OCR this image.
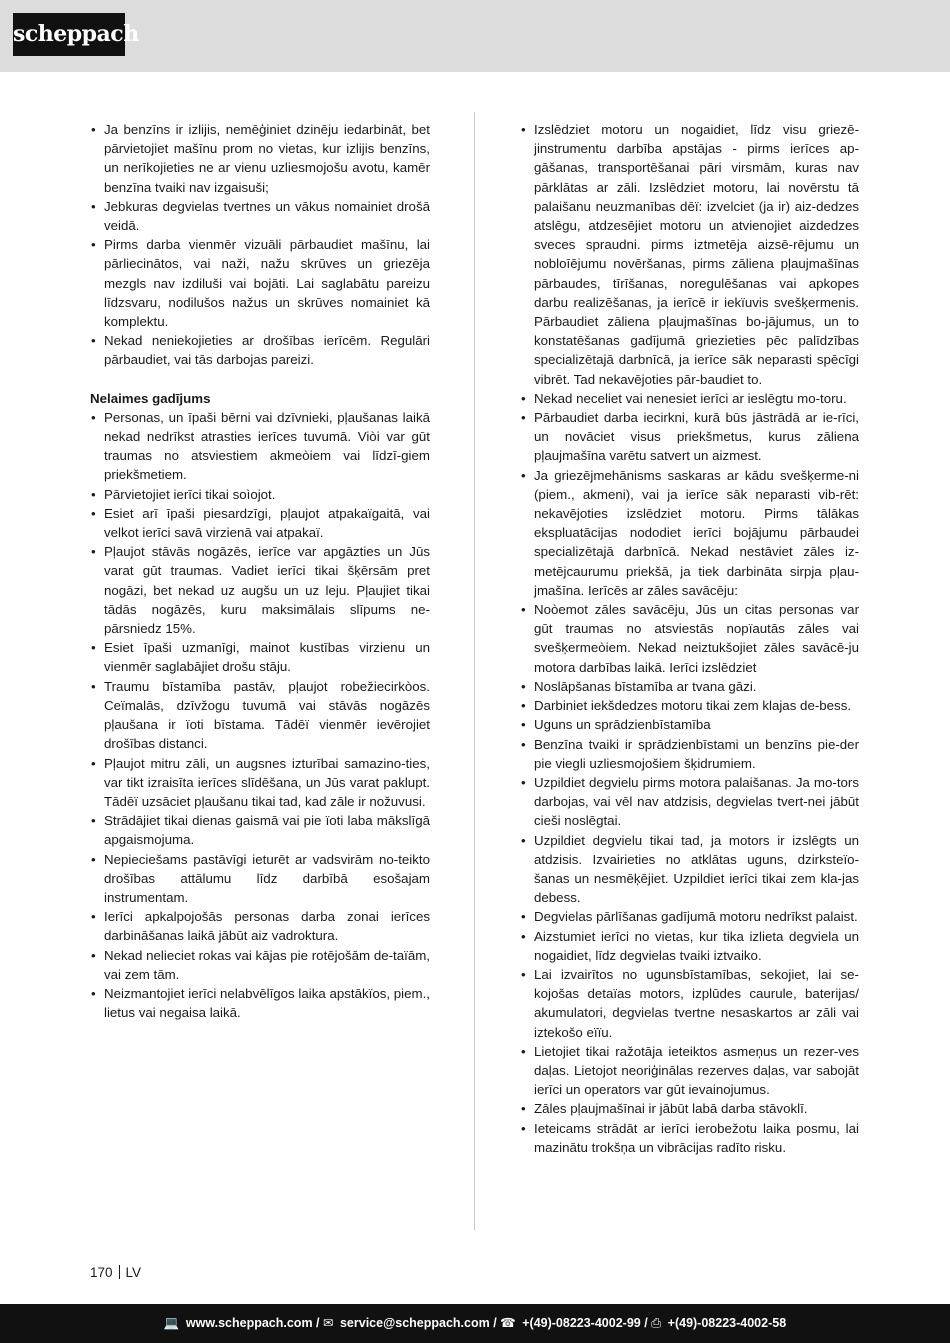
scheppach
• Ja benzīns ir izlijis, nemēģiniet dzinēju iedarbināt, bet pārvietojiet mašīnu prom no vietas, kur izlijis benzīns, un nerīkojieties ne ar vienu uzliesmojošu avotu, kamēr benzīna tvaiki nav izgaisuši;
• Jebkuras degvielas tvertnes un vākus nomainiet drošā veidā.
• Pirms darba vienmēr vizuāli pārbaudiet mašīnu, lai pārliecinātos, vai naži, nažu skrūves un griezēja mezgls nav izdiluši vai bojāti. Lai saglabātu pareizu līdzsvaru, nodilušos nažus un skrūves nomainiet kā komplektu.
• Nekad neniekojieties ar drošības ierīcēm. Regulāri pārbaudiet, vai tās darbojas pareizi.
Nelaimes gadījums
• Personas, un īpaši bērni vai dzīvnieki, pļaušanas laikā nekad nedrīkst atrasties ierīces tuvumā. Viòi var gūt traumas no atsviestiem akmeòiem vai līdzī-giem priekšmetiem.
• Pārvietojiet ierīci tikai soìojot.
• Esiet arī īpaši piesardzīgi, pļaujot atpakaïgaitā, vai velkot ierīci savā virzienā vai atpakaï.
• Pļaujot stāvās nogāzēs, ierīce var apgāzties un Jūs varat gūt traumas. Vadiet ierīci tikai šķērsām pret nogāzi, bet nekad uz augšu un uz leju. Pļaujiet tikai tādās nogāzēs, kuru maksimālais slīpums ne-pārsniedz 15%.
• Esiet īpaši uzmanīgi, mainot kustības virzienu un vienmēr saglabājiet drošu stāju.
• Traumu bīstamība pastāv, pļaujot robežiecirkòos. Ceïmalās, dzīvžogu tuvumā vai stāvās nogāzēs pļaušana ir ïoti bīstama. Tādēï vienmēr ievērojiet drošības distanci.
• Pļaujot mitru zāli, un augsnes izturībai samazino-ties, var tikt izraisīta ierīces slīdēšana, un Jūs varat paklupt. Tādēï uzsāciet pļaušanu tikai tad, kad zāle ir nožuvusi.
• Strādājiet tikai dienas gaismā vai pie ïoti laba mākslīgā apgaismojuma.
• Nepieciešams pastāvīgi ieturēt ar vadsvirām no-teikto drošības attālumu līdz darbībā esošajam instrumentam.
• Ierīci apkalpojošās personas darba zonai ierīces darbināšanas laikā jābūt aiz vadrokturа.
• Nekad nelieciet rokas vai kājas pie rotējošām de-taïām, vai zem tām.
• Neizmantojiet ierīci nelabvēlīgos laika apstākïos, piem., lietus vai negaisa laikā.
• Izslēdziet motoru un nogaidiet, līdz visu griezē-jinstrumentu darbība apstājas - pirms ierīces ap-gāšanas, transportēšanai pāri virsmām, kuras nav pārklātas ar zāli. Izslēdziet motoru, lai novērstu tā palaišanu neuzmanības dēï: izvelciet (ja ir) aiz-dedzes atslēgu, atdzesējiet motoru un atvienojiet aizdedzes sveces spraudni. pirms iztmetēja aizsē-rējumu un noblоīējumu novēršanas, pirms zāliena pļaujmašīnas pārbaudes, tīrīšanas, noregulēšanas vai apkopes darbu realizēšanas, ja ierīcē ir iekïuvis svešķermenis. Pārbaudiet zāliena pļaujmašīnas bo-jājumus, un to konstatēšanas gadījumā griezieties pēc palīdzības specializētajā darbnīcā, ja ierīce sāk neparasti spēcīgi vibrēt. Tad nekavējoties pār-baudiet to.
• Nekad neceliet vai nenesiet ierīci ar ieslēgtu mo-toru.
• Pārbaudiet darba iecirkni, kurā būs jāstrādā ar ie-rīci, un novāciet visus priekšmetus, kurus zāliena pļaujmašīna varētu satvert un aizmest.
• Ja griezējmehānisms saskaras ar kādu svešķerme-ni (piem., akmeni), vai ja ierīce sāk neparasti vib-rēt: nekavējoties izslēdziet motoru. Pirms tālākas ekspluatācijas nododiet ierīci bojājumu pārbaudei specializētajā darbnīcā. Nekad nestāviet zāles iz-metējcaurumu priekšā, ja tiek darbināta sirpja pļau-jmašīna. Ierīcēs ar zāles savācēju:
• Noòemot zāles savācēju, Jūs un citas personas var gūt traumas no atsviestās nopïautās zāles vai svešķermeòiem. Nekad neiztukšojiet zāles savācē-ju motora darbības laikā. Ierīci izslēdziet
• Noslāpšanas bīstamība ar tvana gāzi.
• Darbiniet iekšdedzes motoru tikai zem klajas de-bess.
• Uguns un sprādzienbīstamība
• Benzīna tvaiki ir sprādzienbīstami un benzīns pie-der pie viegli uzliesmojošiem šķidrumiem.
• Uzpildiet degvielu pirms motora palaišanas. Ja mo-tors darbojas, vai vēl nav atdzisis, degvielas tvert-nei jābūt cieši noslēgtai.
• Uzpildiet degvielu tikai tad, ja motors ir izslēgts un atdzisis. Izvairieties no atklātas uguns, dzirksteïo-šanas un nesmēķējiet. Uzpildiet ierīci tikai zem kla-jas debess.
• Degvielas pārlīšanas gadījumā motoru nedrīkst palaist.
• Aizstumiet ierīci no vietas, kur tika izlieta degviela un nogaidiet, līdz degvielas tvaiki iztvaiko.
• Lai izvairītos no ugunsbīstamības, sekojiet, lai se-kojošas detaïas motors, izplūdes caurule, baterijas/ akumulatori, degvielas tvertne nesaskartos ar zāli vai iztekošo eïïu.
• Lietojiet tikai ražotāja ieteiktos asmeņus un rezer-ves daļas. Lietojot neoriģinālas rezerves daļas, var sabojāt ierīci un operators var gūt ievainojumus.
• Zāles pļaujmašīnai ir jābūt labā darba stāvoklī.
• Ieteicams strādāt ar ierīci ierobežotu laika posmu, lai mazinātu trokšņa un vibrācijas radīto risku.
170 LV
💻 www.scheppach.com / ✉ service@scheppach.com / ☎ +(49)-08223-4002-99 / ⎙ +(49)-08223-4002-58
